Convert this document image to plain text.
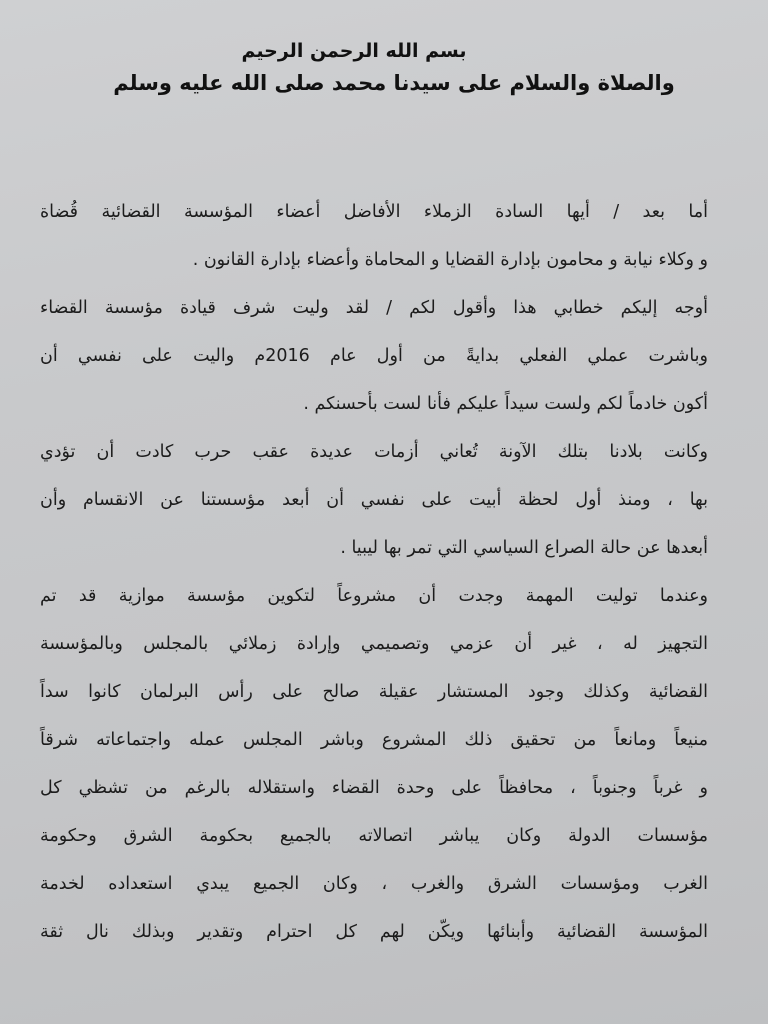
بسم الله الرحمن الرحيم
والصلاة والسلام على سيدنا محمد صلى الله عليه وسلم
أما بعد / أيها السادة الزملاء الأفاضل أعضاء المؤسسة القضائية قُضاة
و وكلاء نيابة و محامون بإدارة القضايا و المحاماة وأعضاء بإدارة القانون .
أوجه إليكم خطابي هذا وأقول لكم / لقد وليت شرف قيادة مؤسسة القضاء
وباشرت عملي الفعلي بدايةً من أول عام 2016م واليت على نفسي أن
أكون خادماً لكم ولست سيداً عليكم فأنا لست بأحسنكم .
وكانت بلادنا بتلك الآونة تُعاني أزمات عديدة عقب حرب كادت أن تؤدي
بها ، ومنذ أول لحظة أبيت على نفسي أن أبعد مؤسستنا عن الانقسام وأن
أبعدها عن حالة الصراع السياسي التي تمر بها ليبيا .
وعندما توليت المهمة وجدت أن مشروعاً لتكوين مؤسسة موازية قد تم
التجهيز له ، غير أن عزمي وتصميمي وإرادة زملائي بالمجلس وبالمؤسسة
القضائية وكذلك وجود المستشار عقيلة صالح على رأس البرلمان كانوا سداً
منيعاً ومانعاً من تحقيق ذلك المشروع وباشر المجلس عمله واجتماعاته شرقاً
و غرباً وجنوباً ، محافظاً على وحدة القضاء واستقلاله بالرغم من تشظي كل
مؤسسات الدولة وكان يباشر اتصالاته بالجميع بحكومة الشرق وحكومة
الغرب ومؤسسات الشرق والغرب ، وكان الجميع يبدي استعداده لخدمة
المؤسسة القضائية وأبنائها ويكّن لهم كل احترام وتقدير وبذلك نال ثقة
